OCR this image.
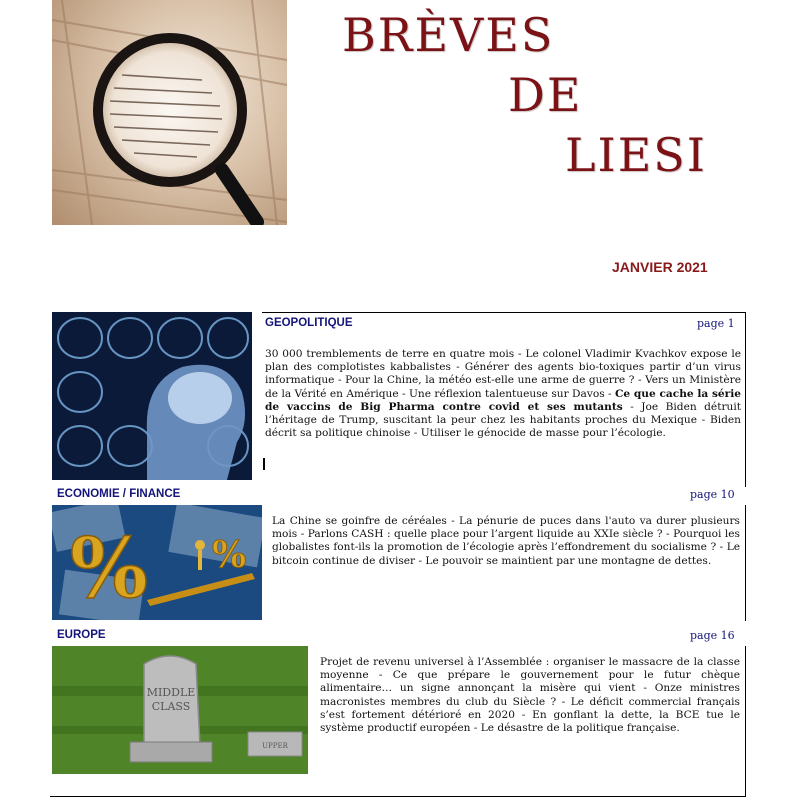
BRÈVES
DE
LIESI
JANVIER 2021
GEOPOLITIQUE	page 1
30 000 tremblements de terre en quatre mois - Le colonel Vladimir Kvachkov expose le plan des complotistes kabbalistes - Générer des agents bio-toxiques partir d’un virus informatique - Pour la Chine, la météo est-elle une arme de guerre ? - Vers un Ministère de la Vérité en Amérique - Une réflexion talentueuse sur Davos - Ce que cache la série de vaccins de Big Pharma contre covid et ses mutants - Joe Biden détruit l’héritage de Trump, suscitant la peur chez les habitants proches du Mexique - Biden décrit sa politique chinoise - Utiliser le génocide de masse pour l’écologie.
ECONOMIE / FINANCE	page 10
% %
La Chine se goinfre de céréales - La pénurie de puces dans l'auto va durer plusieurs mois - Parlons CASH : quelle place pour l’argent liquide au XXIe siècle ? - Pourquoi les globalistes font-ils la promotion de l’écologie après l’effondrement du socialisme ? - Le bitcoin continue de diviser - Le pouvoir se maintient par une montagne de dettes.
EUROPE	page 16
MIDDLE
CLASS
UPPER
Projet de revenu universel à l’Assemblée : organiser le massacre de la classe moyenne - Ce que prépare le gouvernement pour le futur chèque alimentaire… un signe annonçant la misère qui vient - Onze ministres macronistes membres du club du Siècle ? - Le déficit commercial français s’est fortement détérioré en 2020 - En gonflant la dette, la BCE tue le système productif européen - Le désastre de la politique française.
